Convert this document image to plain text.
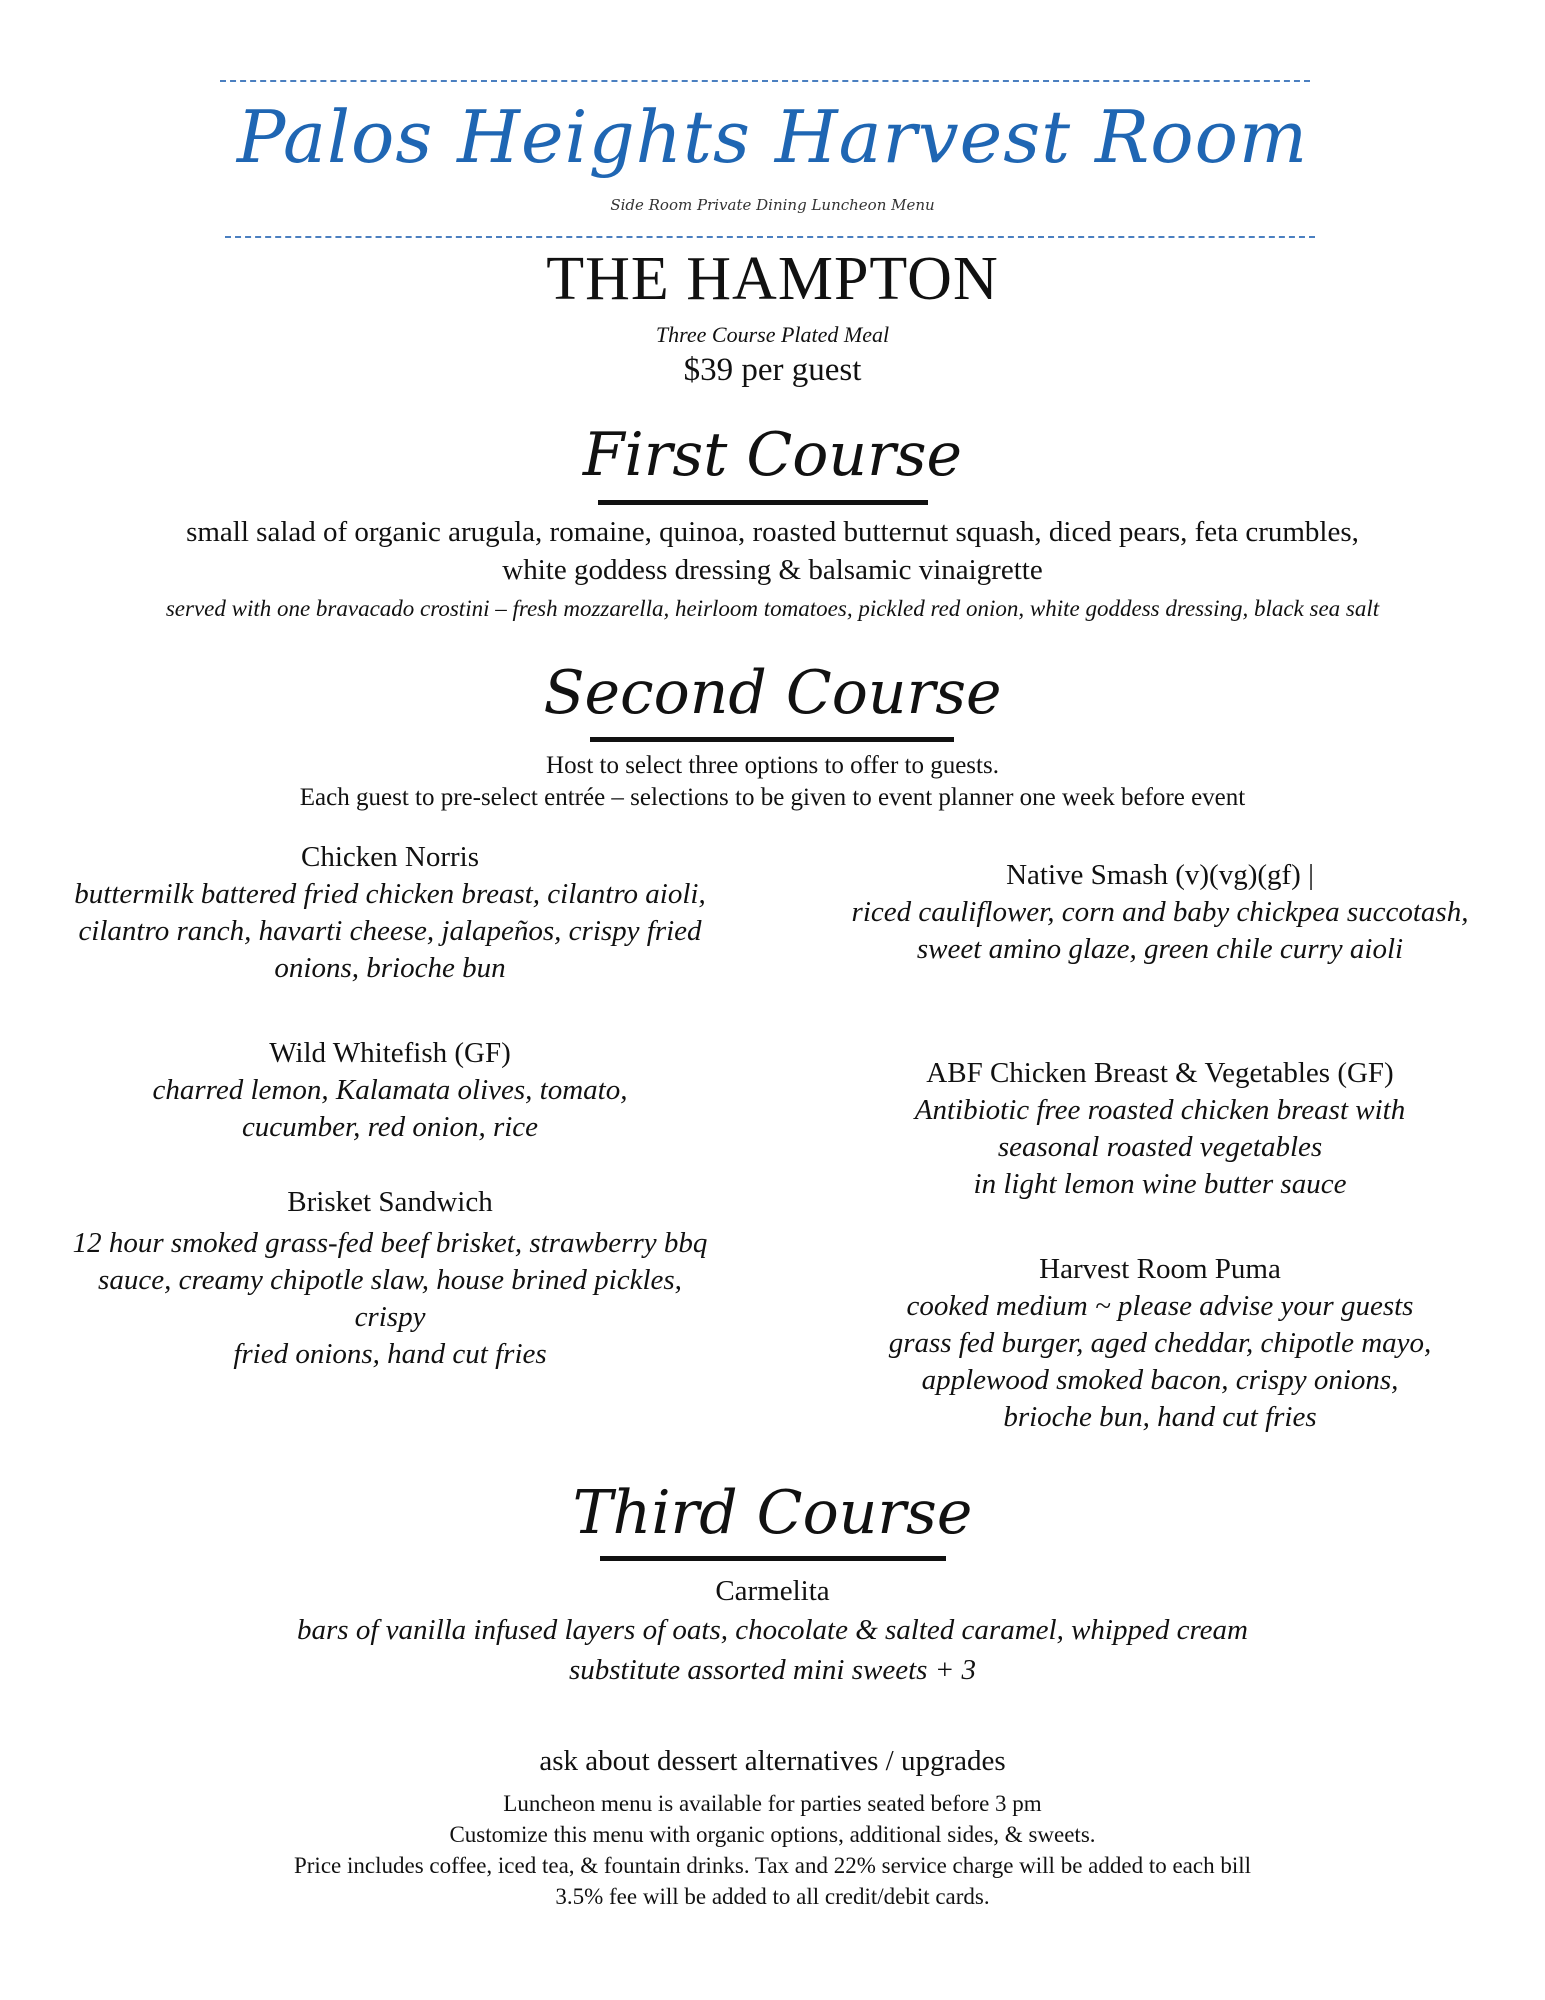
Palos Heights Harvest Room
Side Room Private Dining Luncheon Menu
THE HAMPTON
Three Course Plated Meal
$39 per guest
First Course
small salad of organic arugula, romaine, quinoa, roasted butternut squash, diced pears, feta crumbles,
white goddess dressing & balsamic vinaigrette
served with one bravacado crostini – fresh mozzarella, heirloom tomatoes, pickled red onion, white goddess dressing, black sea salt
Second Course
Host to select three options to offer to guests.
Each guest to pre-select entrée – selections to be given to event planner one week before event
Chicken Norris
buttermilk battered fried chicken breast, cilantro aioli,
cilantro ranch, havarti cheese, jalapeños, crispy fried
onions, brioche bun
Wild Whitefish (GF)
charred lemon, Kalamata olives, tomato,
cucumber, red onion, rice
Brisket Sandwich
12 hour smoked grass-fed beef brisket, strawberry bbq
sauce, creamy chipotle slaw, house brined pickles, crispy
fried onions, hand cut fries
Native Smash (v)(vg)(gf) |
riced cauliflower, corn and baby chickpea succotash,
sweet amino glaze, green chile curry aioli
ABF Chicken Breast & Vegetables (GF)
Antibiotic free roasted chicken breast with
seasonal roasted vegetables
in light lemon wine butter sauce
Harvest Room Puma
cooked medium ~ please advise your guests
grass fed burger, aged cheddar, chipotle mayo,
applewood smoked bacon, crispy onions,
brioche bun, hand cut fries
Third Course
Carmelita
bars of vanilla infused layers of oats, chocolate & salted caramel, whipped cream
substitute assorted mini sweets + 3
ask about dessert alternatives / upgrades
Luncheon menu is available for parties seated before 3 pm
Customize this menu with organic options, additional sides, & sweets.
Price includes coffee, iced tea, & fountain drinks. Tax and 22% service charge will be added to each bill
3.5% fee will be added to all credit/debit cards.
